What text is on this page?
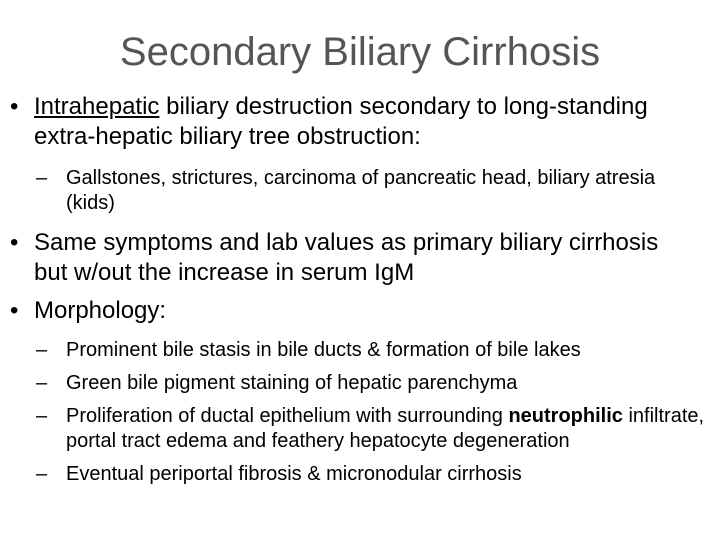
Secondary Biliary Cirrhosis
• Intrahepatic biliary destruction secondary to long-standing extra-hepatic biliary tree obstruction:
– Gallstones, strictures, carcinoma of pancreatic head, biliary atresia (kids)
• Same symptoms and lab values as primary biliary cirrhosis but w/out the increase in serum IgM
• Morphology:
– Prominent bile stasis in bile ducts & formation of bile lakes
– Green bile pigment staining of hepatic parenchyma
– Proliferation of ductal epithelium with surrounding neutrophilic infiltrate, portal tract edema and feathery hepatocyte degeneration
– Eventual periportal fibrosis & micronodular cirrhosis
